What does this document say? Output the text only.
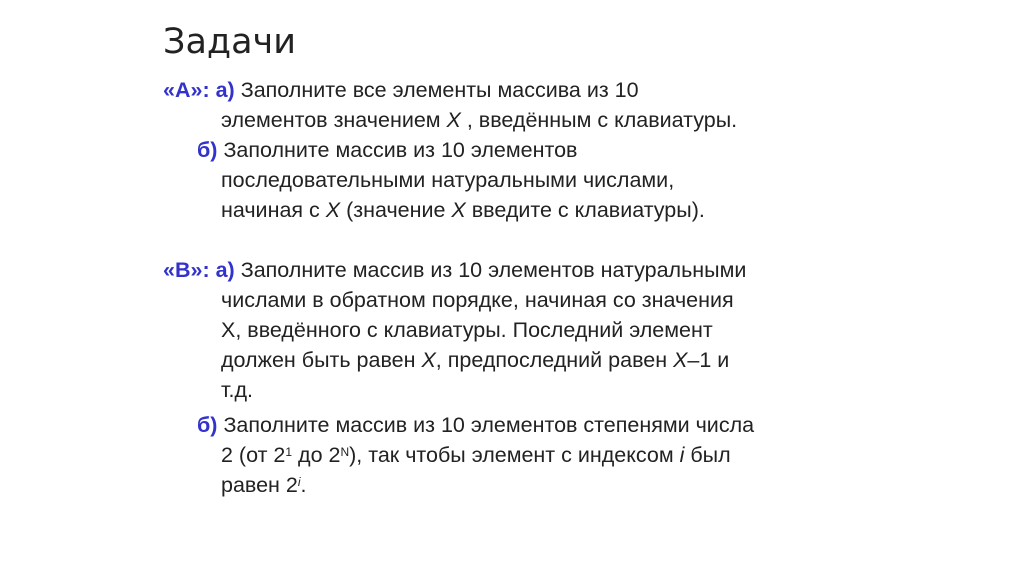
Задачи
«A»: а) Заполните все элементы массива из 10
элементов значением X , введённым с клавиатуры.
б) Заполните массив из 10 элементов
последовательными натуральными числами,
начиная с X (значение X введите с клавиатуры).
«B»: а) Заполните массив из 10 элементов натуральными
числами в обратном порядке, начиная со значения
X, введённого с клавиатуры. Последний элемент
должен быть равен X, предпоследний равен X–1 и
т.д.
б) Заполните массив из 10 элементов степенями числа
2 (от $2^1$ до $2^N$), так чтобы элемент с индексом i был
равен 2$^i$.
